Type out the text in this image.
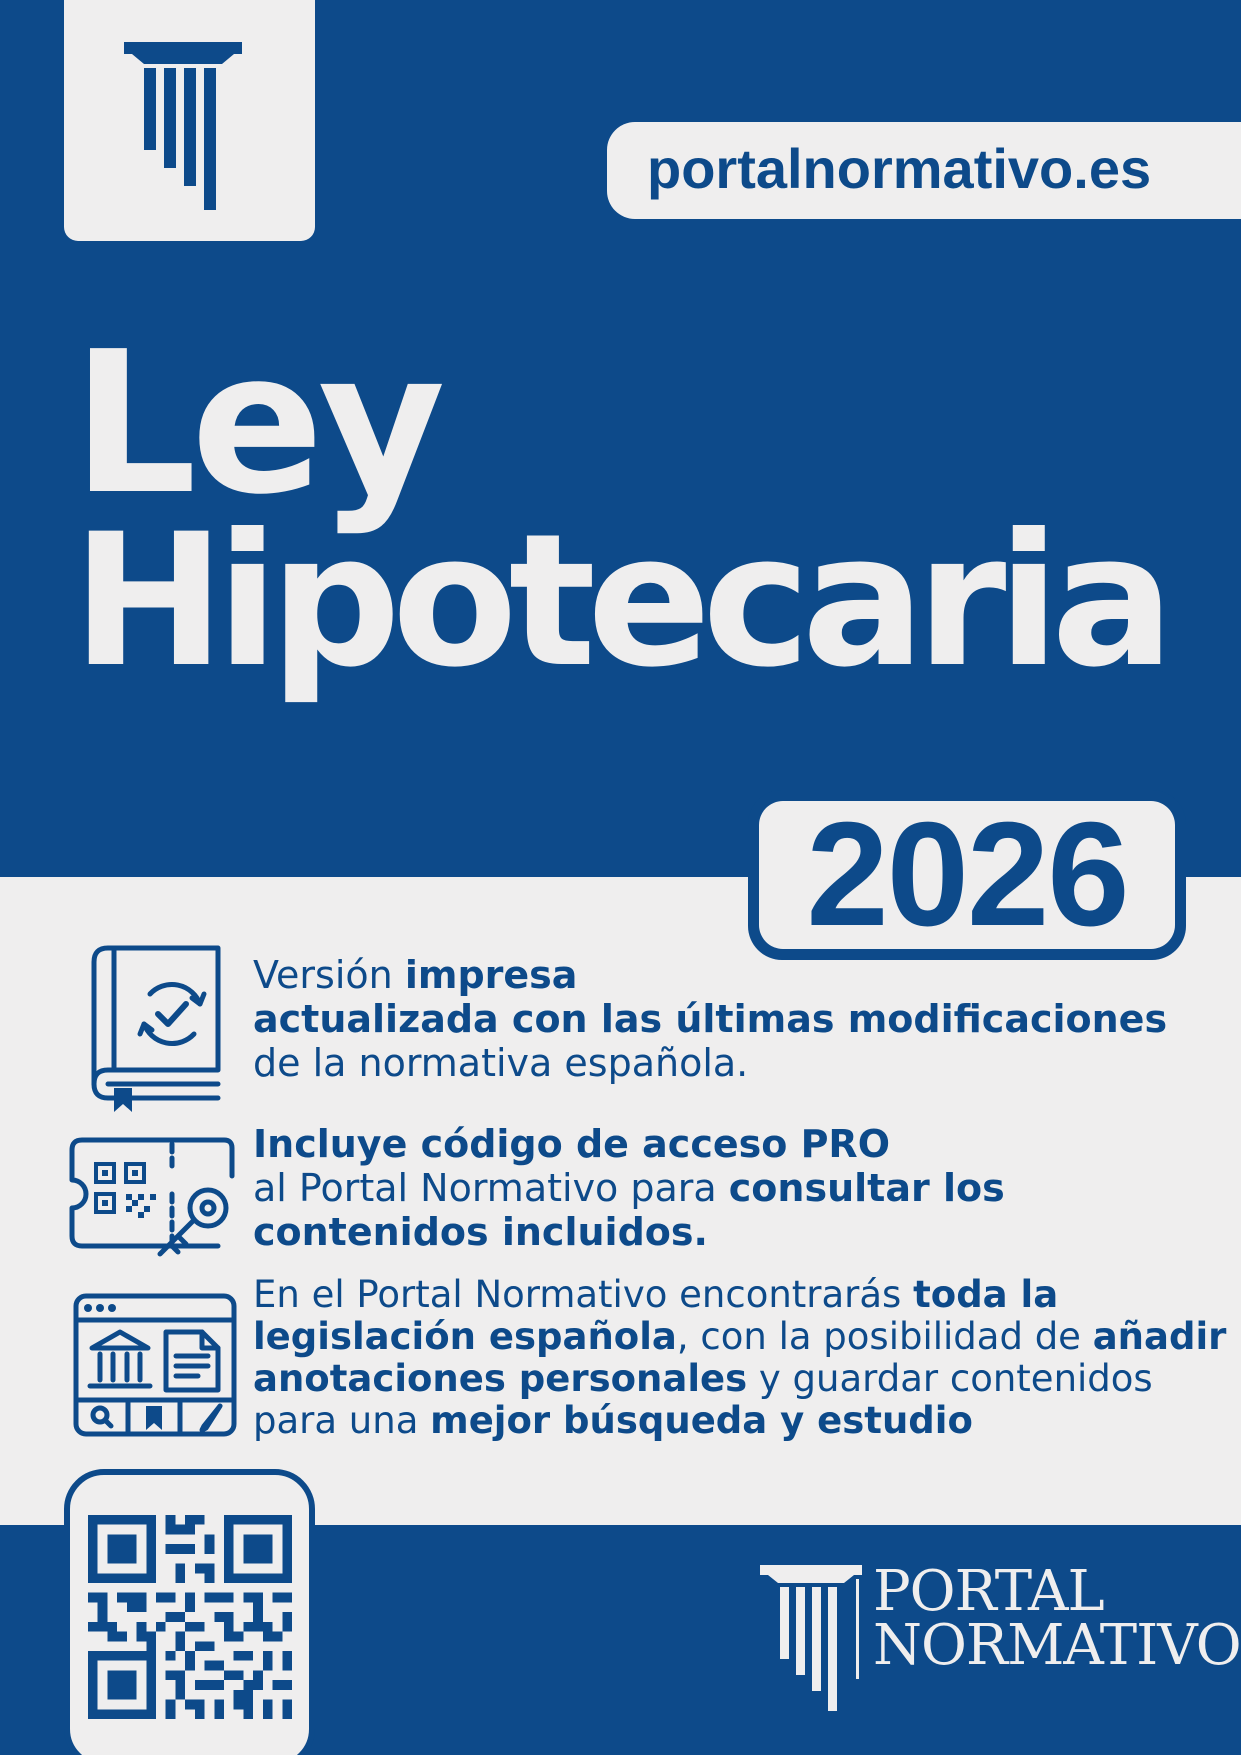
portalnormativo.es
Ley
Hipotecaria
2026
Versión impresa
actualizada con las últimas modificaciones
de la normativa española.
Incluye código de acceso PRO
al Portal Normativo para consultar los
contenidos incluidos.
En el Portal Normativo encontrarás toda la
legislación española, con la posibilidad de añadir
anotaciones personales y guardar contenidos
para una mejor búsqueda y estudio
PORTAL
NORMATIVO
